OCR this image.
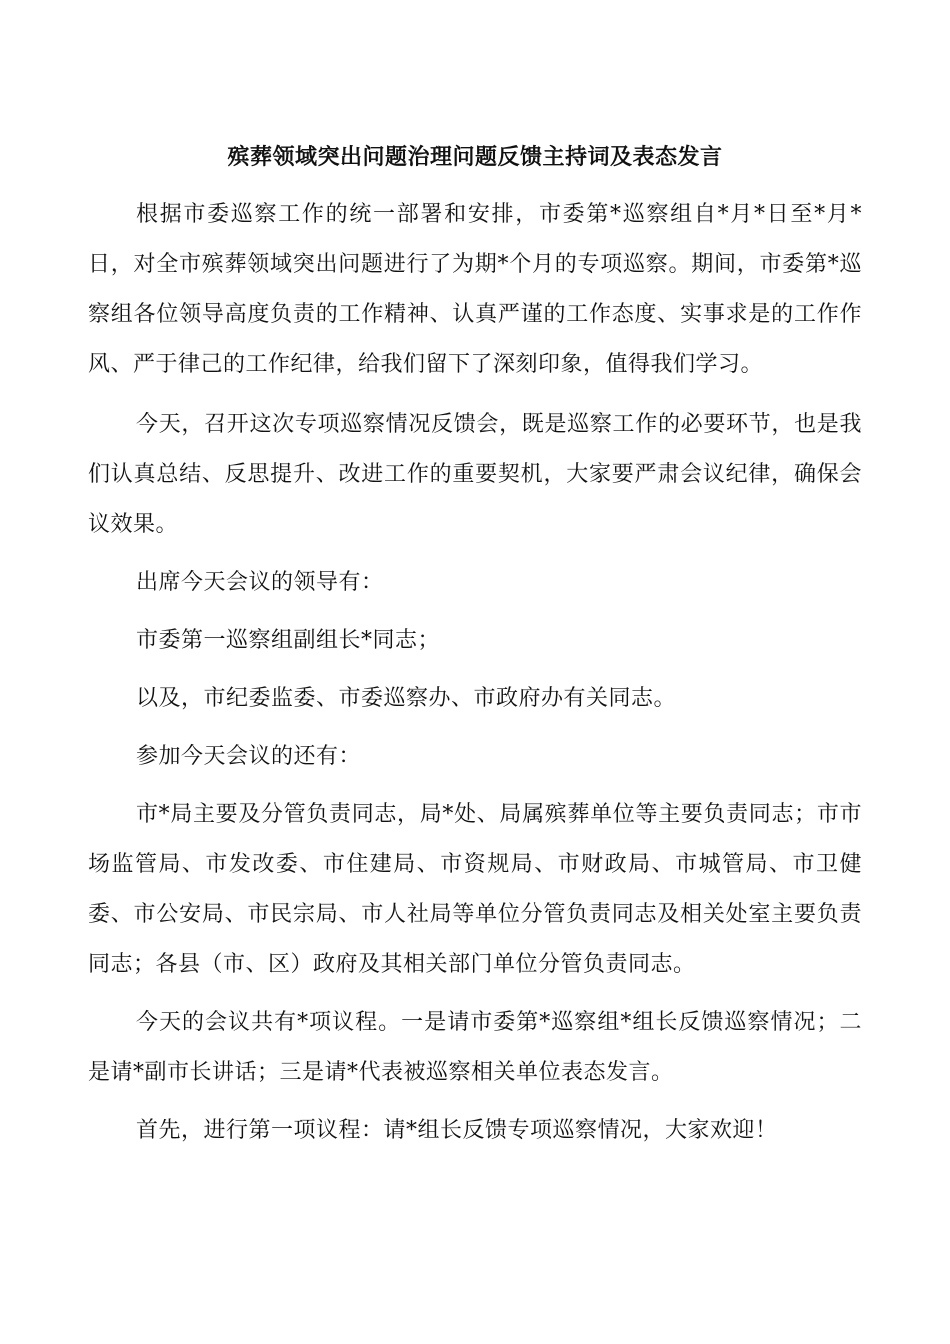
殡葬领域突出问题治理问题反馈主持词及表态发言

根据市委巡察工作的统一部署和安排，市委第*巡察组自*月*日至*月*日，对全市殡葬领域突出问题进行了为期*个月的专项巡察。期间，市委第*巡察组各位领导高度负责的工作精神、认真严谨的工作态度、实事求是的工作作风、严于律己的工作纪律，给我们留下了深刻印象，值得我们学习。

今天，召开这次专项巡察情况反馈会，既是巡察工作的必要环节，也是我们认真总结、反思提升、改进工作的重要契机，大家要严肃会议纪律，确保会议效果。

出席今天会议的领导有：

市委第一巡察组副组长*同志；

以及，市纪委监委、市委巡察办、市政府办有关同志。

参加今天会议的还有：

市*局主要及分管负责同志，局*处、局属殡葬单位等主要负责同志；市市场监管局、市发改委、市住建局、市资规局、市财政局、市城管局、市卫健委、市公安局、市民宗局、市人社局等单位分管负责同志及相关处室主要负责同志；各县（市、区）政府及其相关部门单位分管负责同志。

今天的会议共有*项议程。一是请市委第*巡察组*组长反馈巡察情况；二是请*副市长讲话；三是请*代表被巡察相关单位表态发言。

首先，进行第一项议程：请*组长反馈专项巡察情况，大家欢迎！
